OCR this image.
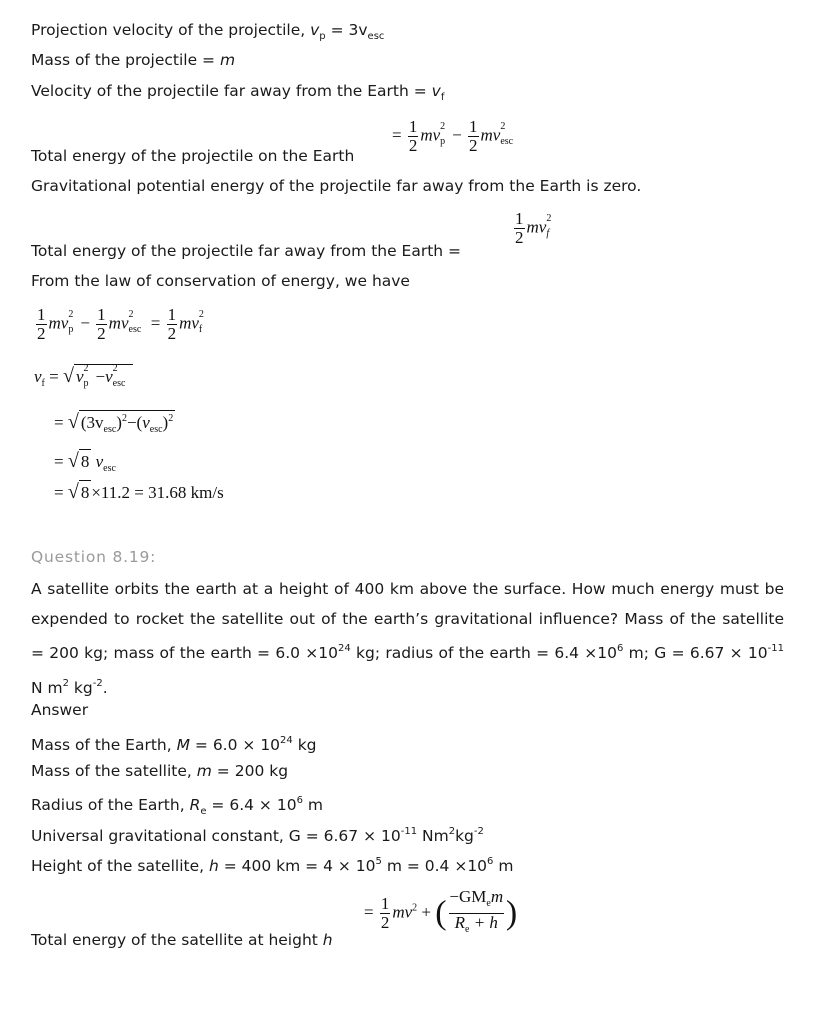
Projection velocity of the projectile, $v_p = 3v_{esc}$
Mass of the projectile = m
Velocity of the projectile far away from the Earth = $v_f$
= $\frac{1}{2}$ mv 2
$p - \frac{1}{2}$ mv 2
esc
Total energy of the projectile on the Earth
Gravitational potential energy of the projectile far away from the Earth is zero.
$\frac{1}{2}$ mv 2
f
Total energy of the projectile far away from the Earth =
From the law of conservation of energy, we have
$\frac{1}{2}$ mv 2
$p - \frac{1}{2}$ mv 2
esc = $\frac{1}{2}$ mv 2
f
$v_f$ = √ v 2
p −v 2
esc
= √ $(3v_{esc})^2-(v_{esc})^2$
= √ 8 $v_{esc}$
= √ 8 ×11.2 = 31.68 km/s
Question 8.19:
A satellite orbits the earth at a height of 400 km above the surface. How much energy must be expended to rocket the satellite out of the earth’s gravitational influence? Mass of the satellite = 200 kg; mass of the earth = $6.0 \times 10^{24}$ kg; radius of the earth = $6.4 \times 10^6$ m; $G = 6.67 \times 10^{-11}$ N $m^2$ $kg^{-2}$.
Answer
Mass of the Earth, $M = 6.0 \times 10^{24}$ kg
Mass of the satellite, m = 200 kg
Radius of the Earth, $R_e = 6.4 \times 10^6$ m
Universal gravitational constant, $G = 6.67 \times 10^{-11}$ $Nm^2kg^{-2}$
Height of the satellite, h = 400 km = $4 \times 10^5$ $m = 0.4 \times 10^6$ m
= $\frac{1}{2} mv^2$ + ( $\frac{-GM_em}{R_e + h}$ )
Total energy of the satellite at height h
